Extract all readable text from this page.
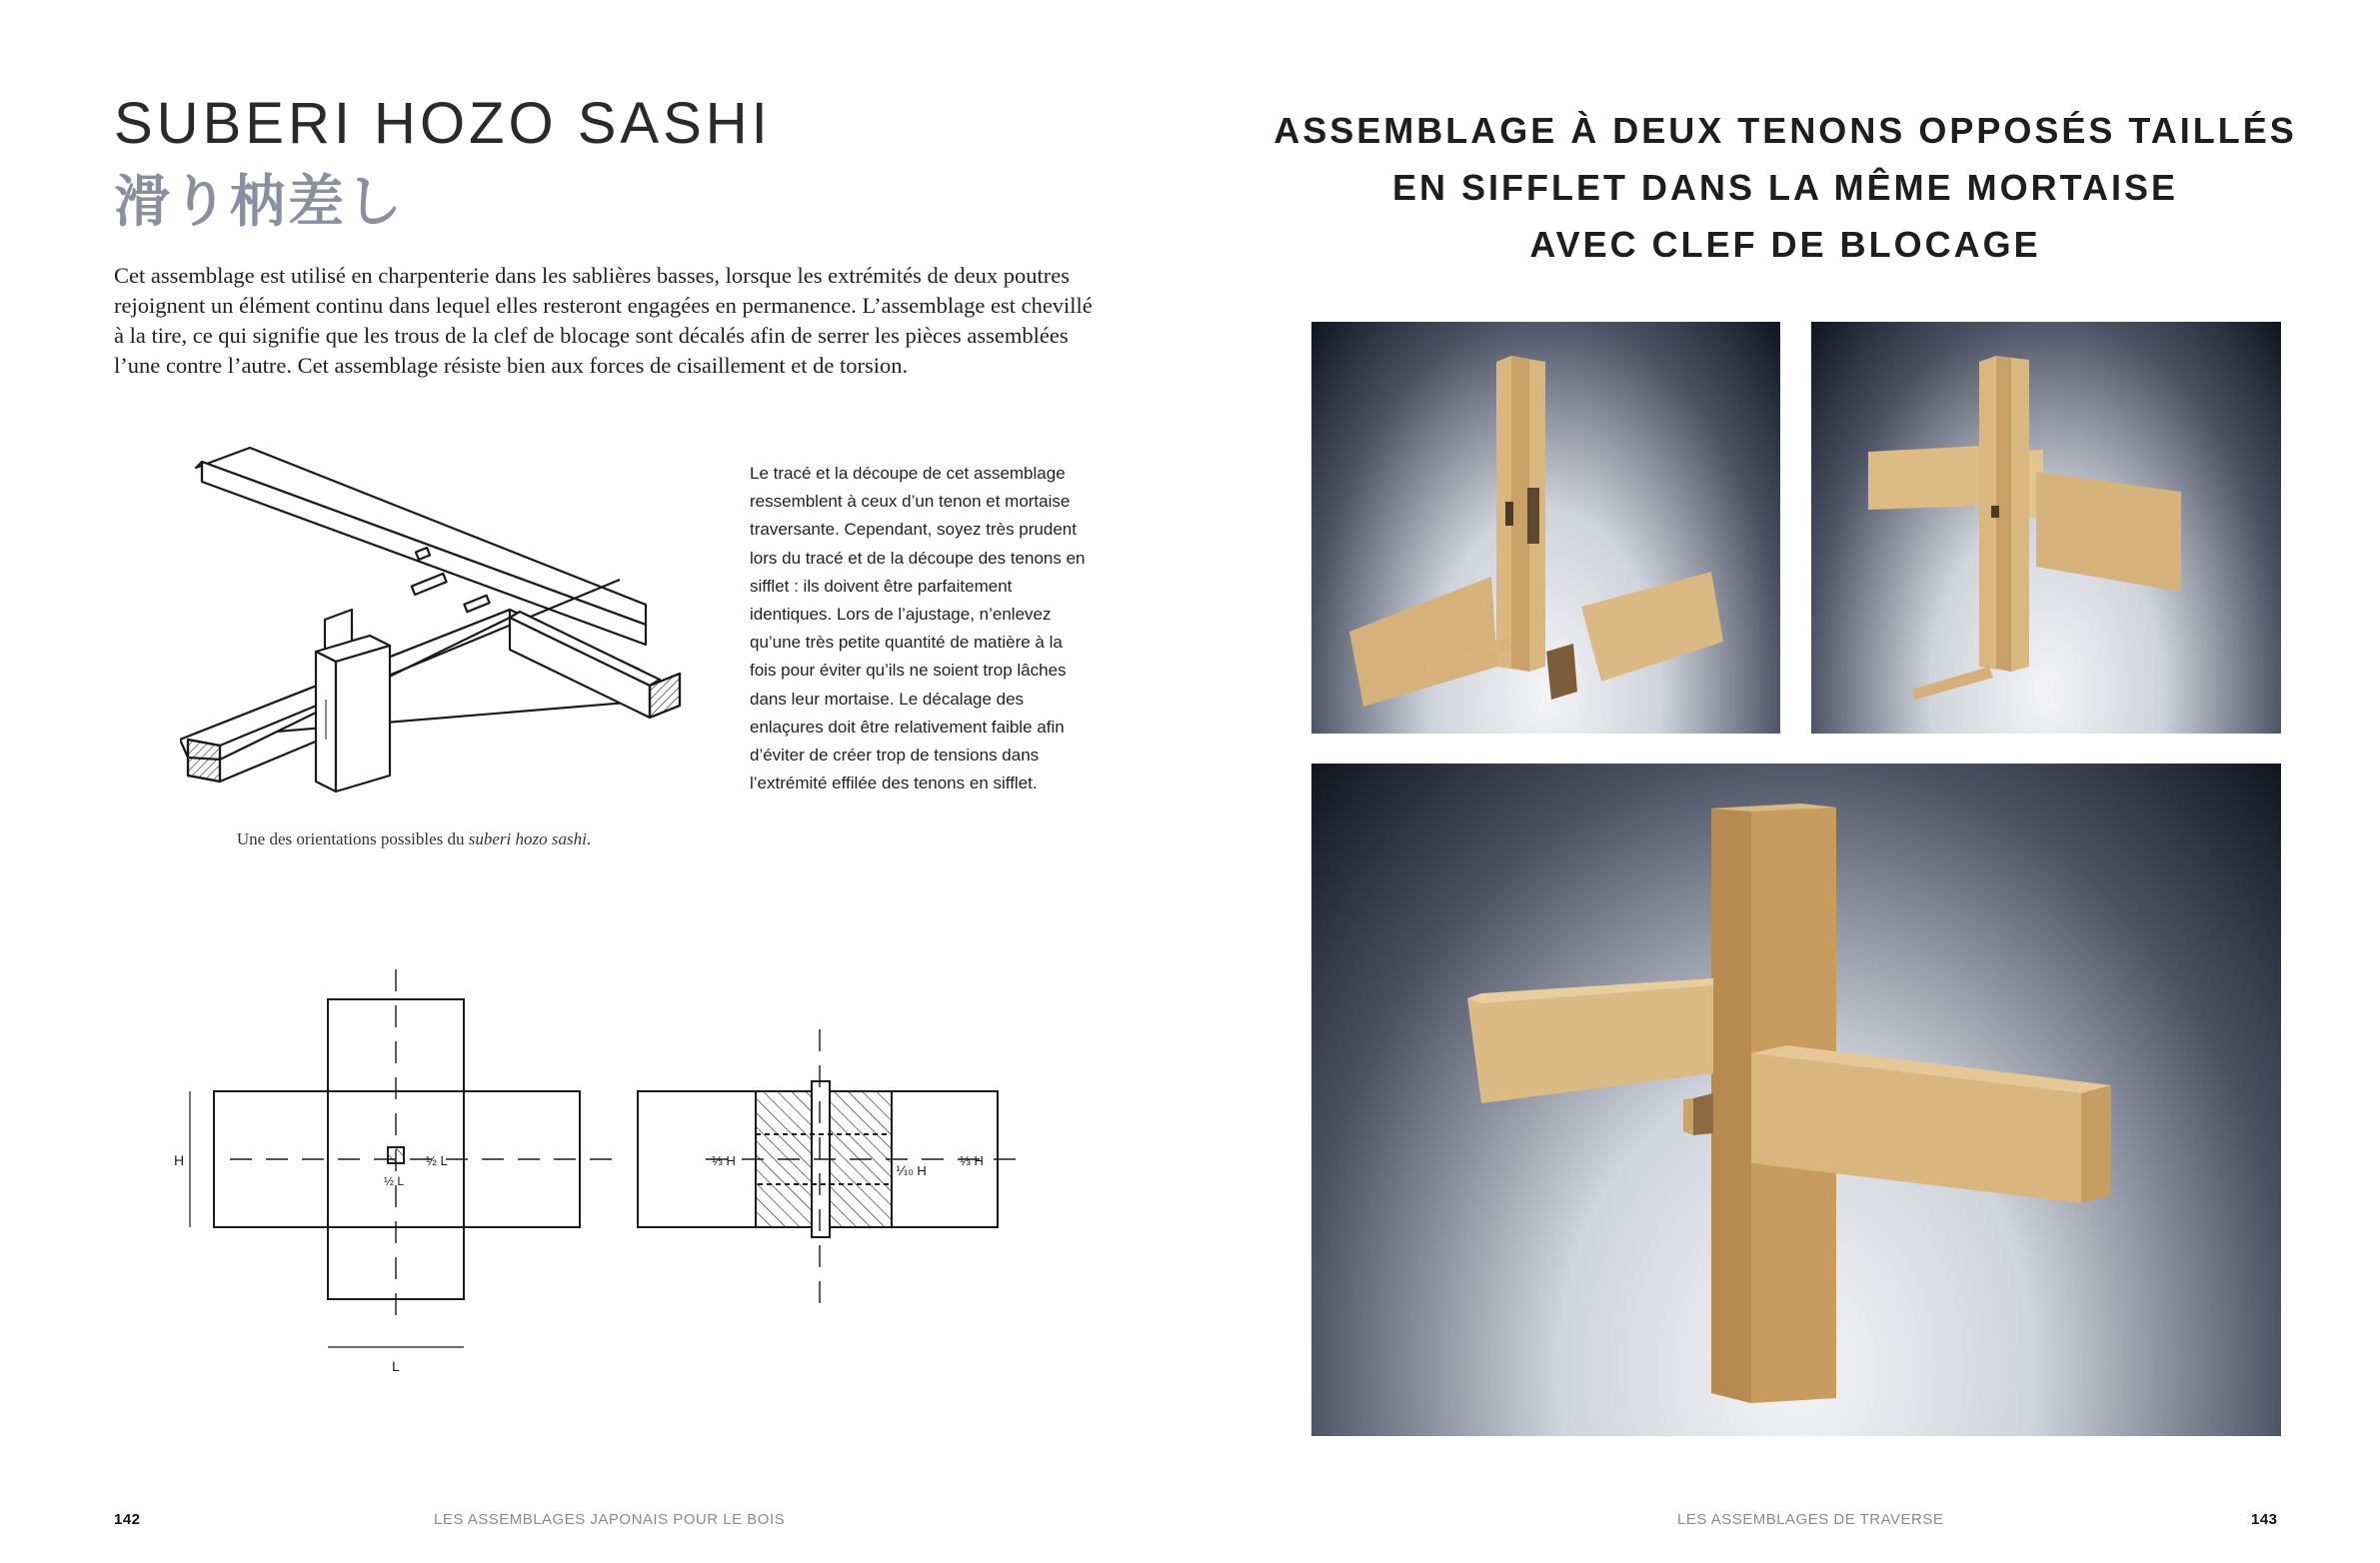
SUBERI HOZO SASHI
滑り枘差し

Cet assemblage est utilisé en charpenterie dans les sablières basses, lorsque les extrémités de deux poutres rejoignent un élément continu dans lequel elles resteront engagées en permanence. L’assemblage est chevillé à la tire, ce qui signifie que les trous de la clef de blocage sont décalés afin de serrer les pièces assemblées l’une contre l’autre. Cet assemblage résiste bien aux forces de cisaillement et de torsion.

Le tracé et la découpe de cet assemblage ressemblent à ceux d’un tenon et mortaise traversante. Cependant, soyez très prudent lors du tracé et de la découpe des tenons en sifflet : ils doivent être parfaitement identiques. Lors de l’ajustage, n’enlevez qu’une très petite quantité de matière à la fois pour éviter qu’ils ne soient trop lâches dans leur mortaise. Le décalage des enlaçures doit être relativement faible afin d’éviter de créer trop de tensions dans l’extrémité effilée des tenons en sifflet.

Une des orientations possibles du suberi hozo sashi.

H	½ L
½ L
L
⅓ H
⅒ H
⅓ H
142	LES ASSEMBLAGES JAPONAIS POUR LE BOIS
ASSEMBLAGE À DEUX TENONS OPPOSÉS TAILLÉS
EN SIFFLET DANS LA MÊME MORTAISE
AVEC CLEF DE BLOCAGE
LES ASSEMBLAGES DE TRAVERSE	143
